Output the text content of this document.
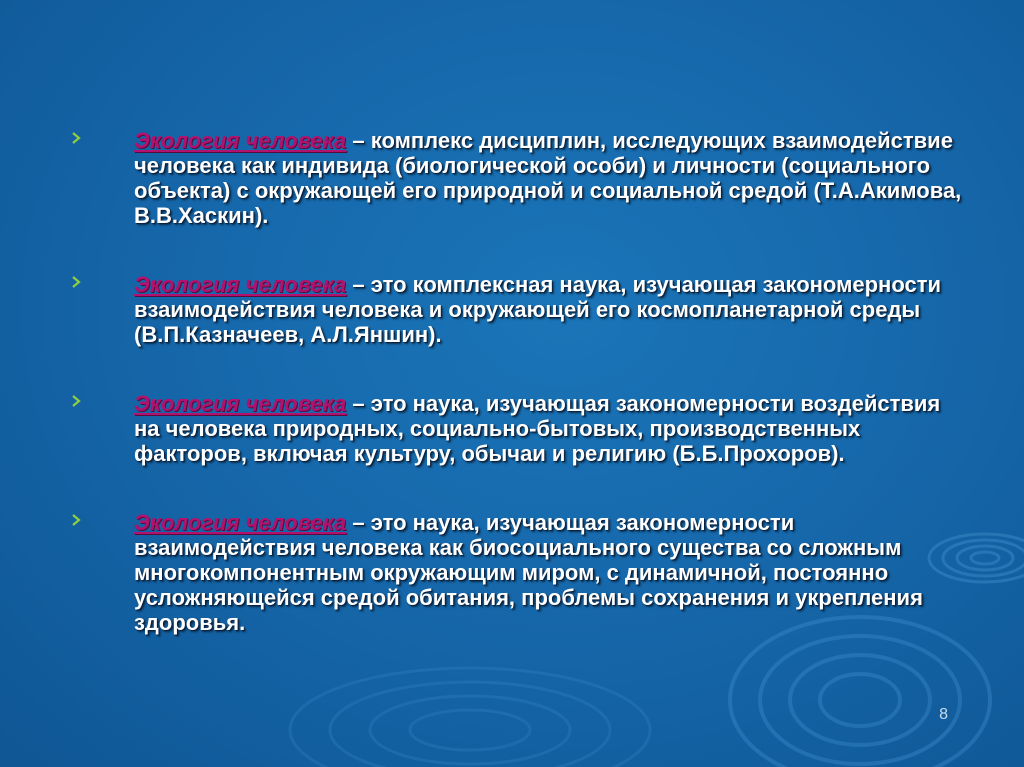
Экология человека – комплекс дисциплин, исследующих взаимодействие человека как индивида (биологической особи) и личности (социального объекта) с окружающей его природной и социальной средой (Т.А.Акимова, В.В.Хаскин).
Экология человека – это комплексная наука, изучающая закономерности взаимодействия человека и окружающей его космопланетарной среды (В.П.Казначеев, А.Л.Яншин).
Экология человека – это наука, изучающая закономерности воздействия на человека природных, социально-бытовых, производственных факторов, включая культуру, обычаи и религию (Б.Б.Прохоров).
Экология человека – это наука, изучающая закономерности взаимодействия человека как биосоциального существа со сложным многокомпонентным окружающим миром, с динамичной, постоянно усложняющейся средой обитания, проблемы сохранения и укрепления здоровья.
8
